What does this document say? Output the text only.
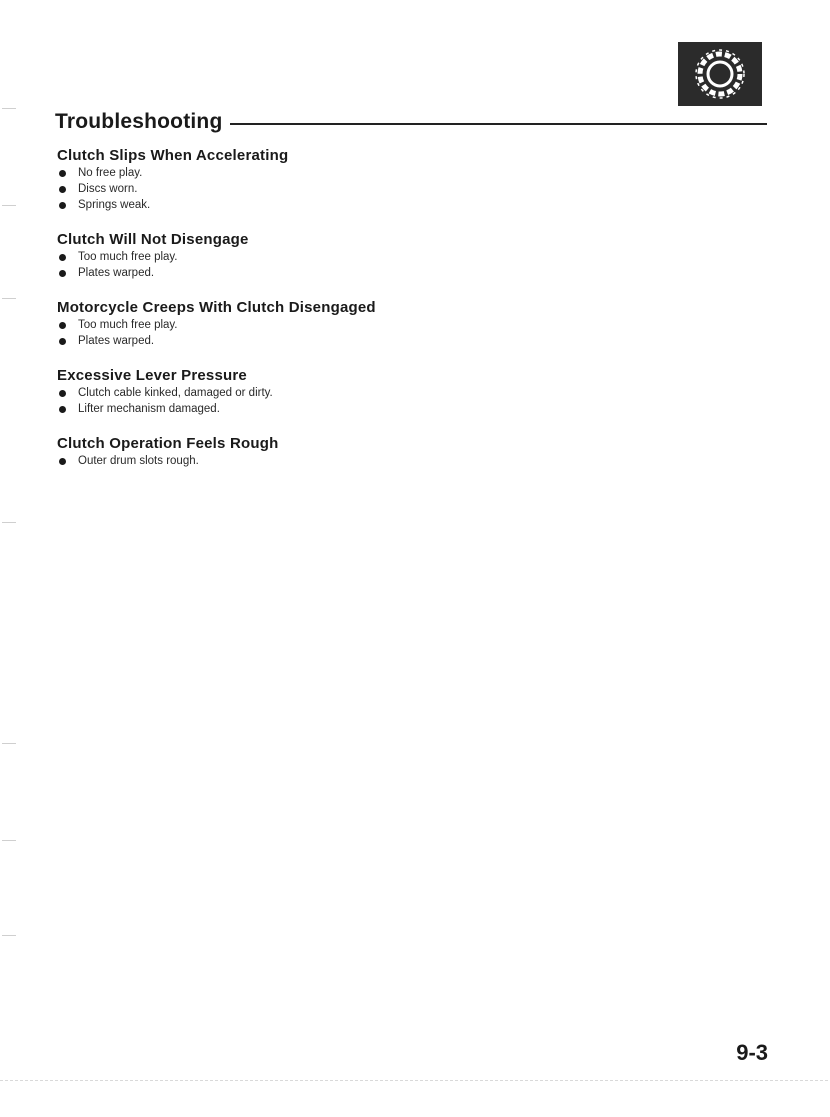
Troubleshooting
Clutch Slips When Accelerating
No free play.
Discs worn.
Springs weak.
Clutch Will Not Disengage
Too much free play.
Plates warped.
Motorcycle Creeps With Clutch Disengaged
Too much free play.
Plates warped.
Excessive Lever Pressure
Clutch cable kinked, damaged or dirty.
Lifter mechanism damaged.
Clutch Operation Feels Rough
Outer drum slots rough.
9-3
